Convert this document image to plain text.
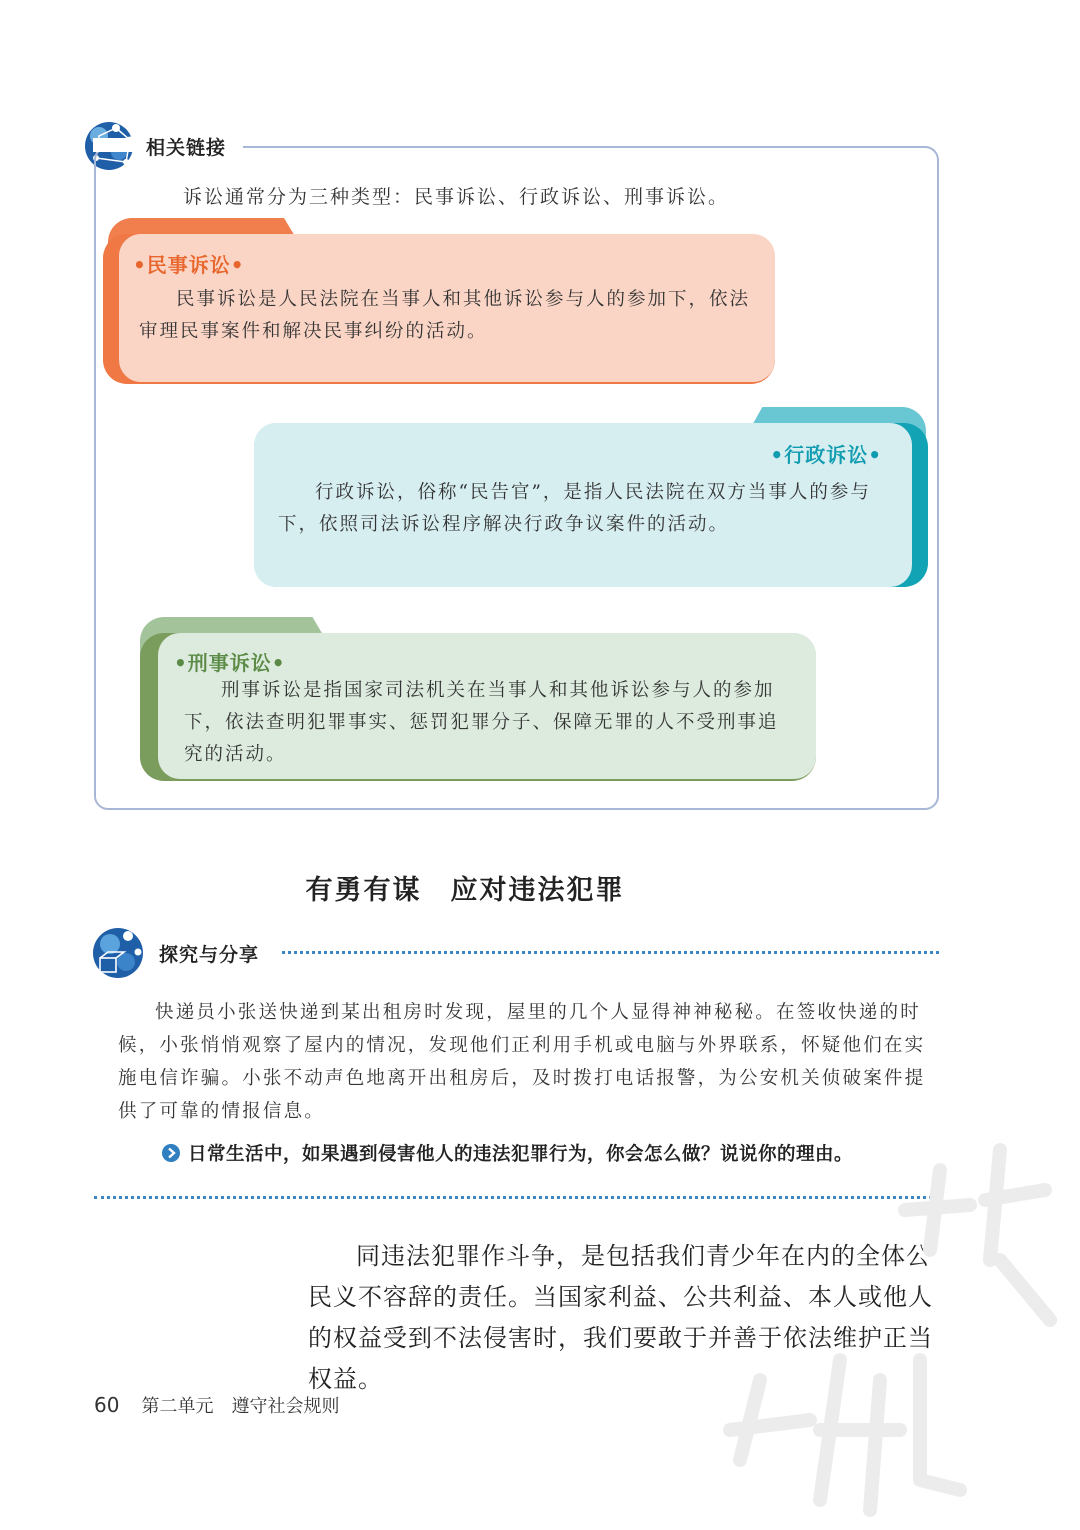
相关链接
诉讼通常分为三种类型：民事诉讼、行政诉讼、刑事诉讼。
•民事诉讼•
民事诉讼是人民法院在当事人和其他诉讼参与人的参加下，依法审理民事案件和解决民事纠纷的活动。
•行政诉讼•
行政诉讼，俗称“民告官”，是指人民法院在双方当事人的参与下，依照司法诉讼程序解决行政争议案件的活动。
•刑事诉讼•
刑事诉讼是指国家司法机关在当事人和其他诉讼参与人的参加下，依法查明犯罪事实、惩罚犯罪分子、保障无罪的人不受刑事追究的活动。
有勇有谋　应对违法犯罪
探究与分享
快递员小张送快递到某出租房时发现，屋里的几个人显得神神秘秘。在签收快递的时候，小张悄悄观察了屋内的情况，发现他们正利用手机或电脑与外界联系，怀疑他们在实施电信诈骗。小张不动声色地离开出租房后，及时拨打电话报警，为公安机关侦破案件提供了可靠的情报信息。
日常生活中，如果遇到侵害他人的违法犯罪行为，你会怎么做？说说你的理由。
同违法犯罪作斗争，是包括我们青少年在内的全体公民义不容辞的责任。当国家利益、公共利益、本人或他人的权益受到不法侵害时，我们要敢于并善于依法维护正当权益。
60 第二单元 遵守社会规则
